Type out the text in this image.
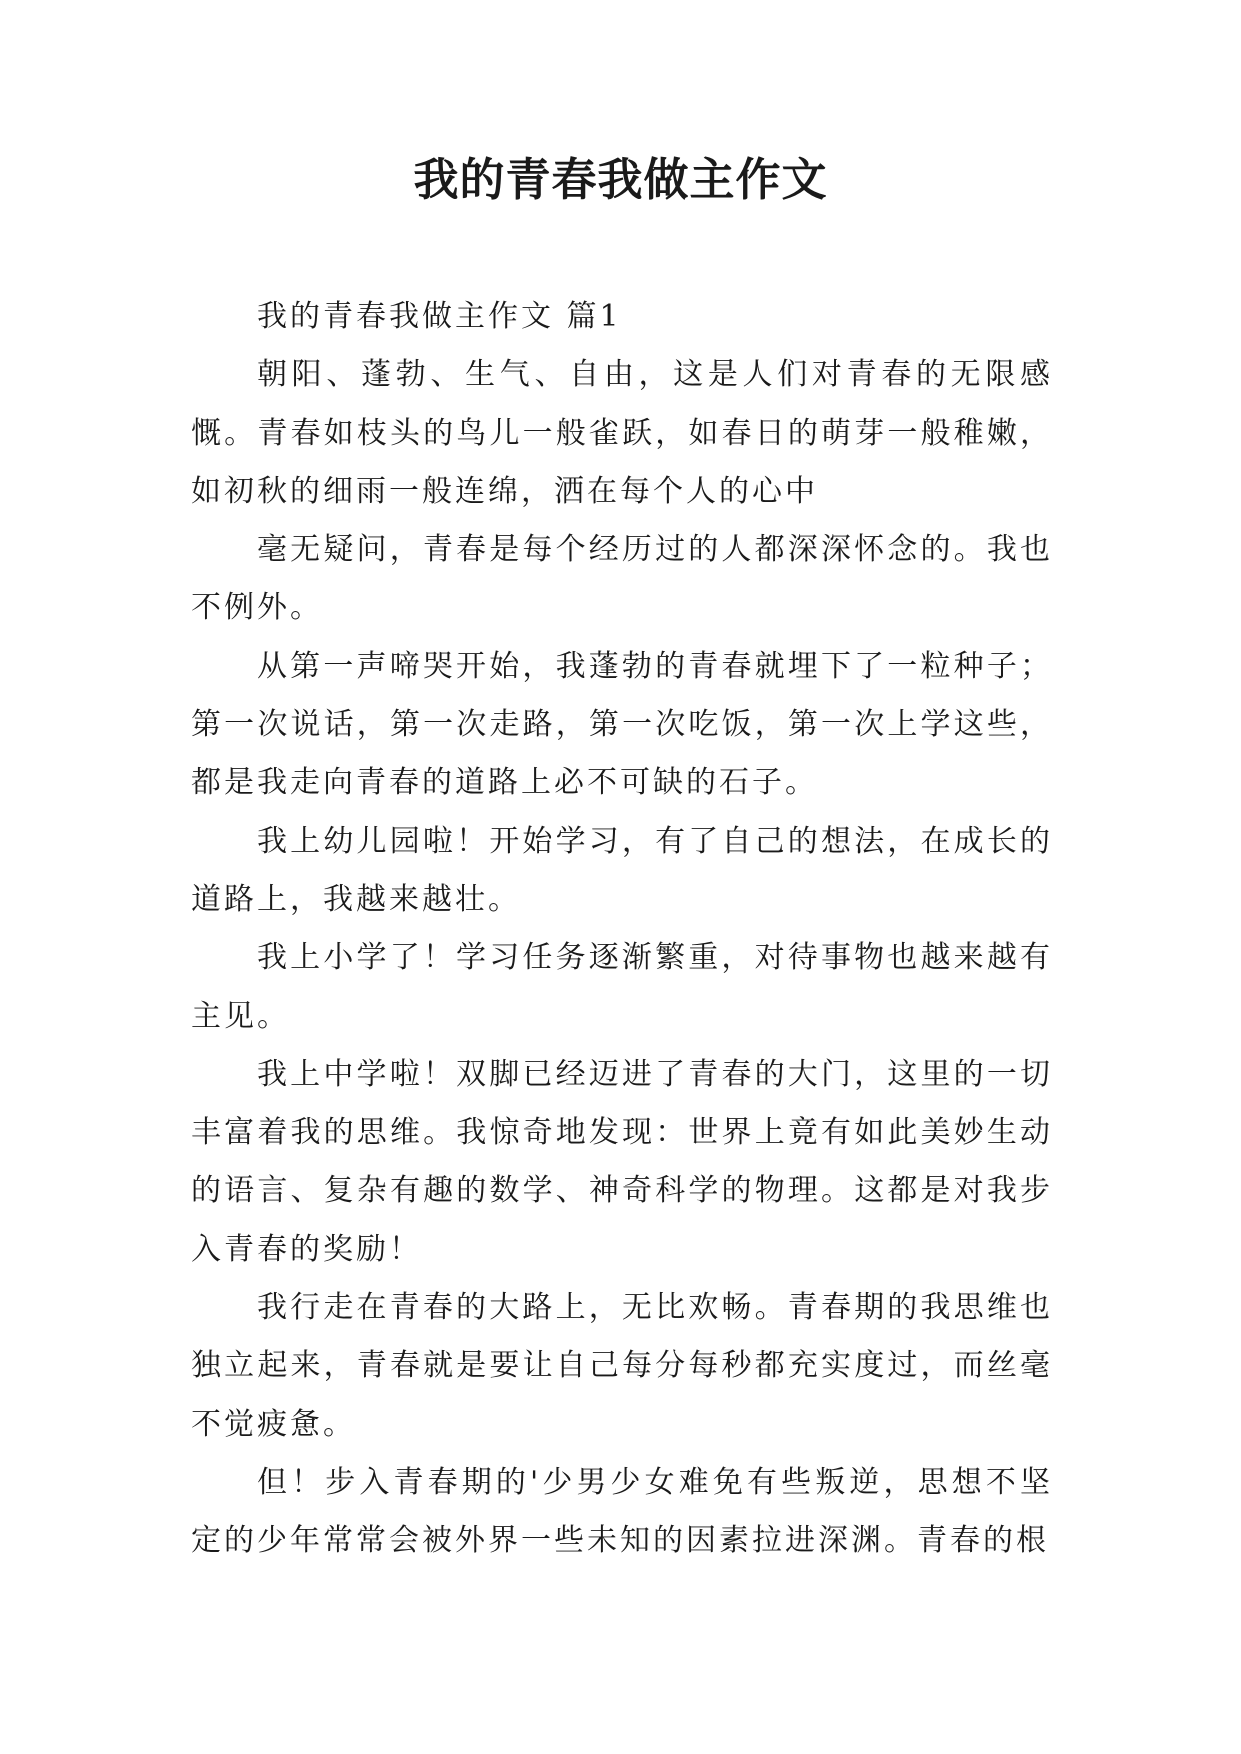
我的青春我做主作文

我的青春我做主作文 篇1

朝阳、蓬勃、生气、自由，这是人们对青春的无限感慨。青春如枝头的鸟儿一般雀跃，如春日的萌芽一般稚嫩，如初秋的细雨一般连绵，洒在每个人的心中

毫无疑问，青春是每个经历过的人都深深怀念的。我也不例外。

从第一声啼哭开始，我蓬勃的青春就埋下了一粒种子；第一次说话，第一次走路，第一次吃饭，第一次上学这些，都是我走向青春的道路上必不可缺的石子。

我上幼儿园啦！开始学习，有了自己的想法，在成长的道路上，我越来越壮。

我上小学了！学习任务逐渐繁重，对待事物也越来越有主见。

我上中学啦！双脚已经迈进了青春的大门，这里的一切丰富着我的思维。我惊奇地发现：世界上竟有如此美妙生动的语言、复杂有趣的数学、神奇科学的物理。这都是对我步入青春的奖励！

我行走在青春的大路上，无比欢畅。青春期的我思维也独立起来，青春就是要让自己每分每秒都充实度过，而丝毫不觉疲惫。

但！步入青春期的'少男少女难免有些叛逆，思想不坚定的少年常常会被外界一些未知的因素拉进深渊。青春的根
